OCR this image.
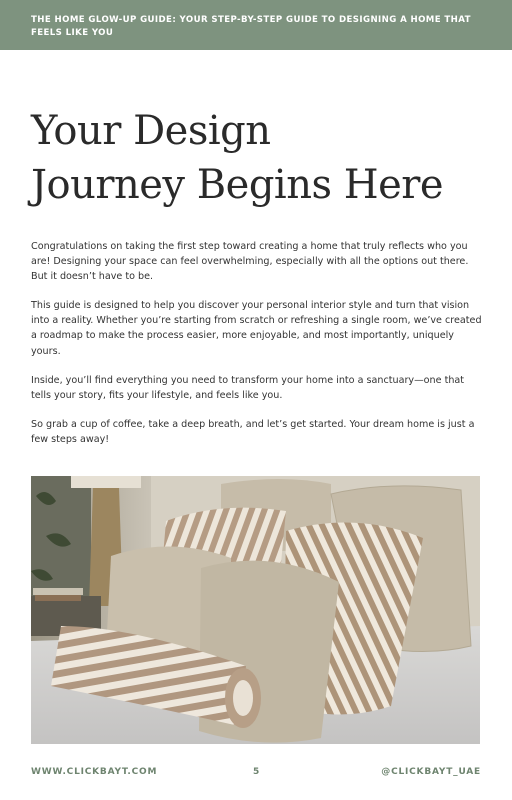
THE HOME GLOW-UP GUIDE: YOUR STEP-BY-STEP GUIDE TO DESIGNING A HOME THAT FEELS LIKE YOU
Your Design
Journey Begins Here

Congratulations on taking the first step toward creating a home that truly reflects who you are! Designing your space can feel overwhelming, especially with all the options out there. But it doesn’t have to be.

This guide is designed to help you discover your personal interior style and turn that vision into a reality. Whether you’re starting from scratch or refreshing a single room, we’ve created a roadmap to make the process easier, more enjoyable, and most importantly, uniquely yours.

Inside, you’ll find everything you need to transform your home into a sanctuary—one that tells your story, fits your lifestyle, and feels like you.

So grab a cup of coffee, take a deep breath, and let’s get started. Your dream home is just a few steps away!

WWW.CLICKBAYT.COM	5	@CLICKBAYT_UAE
